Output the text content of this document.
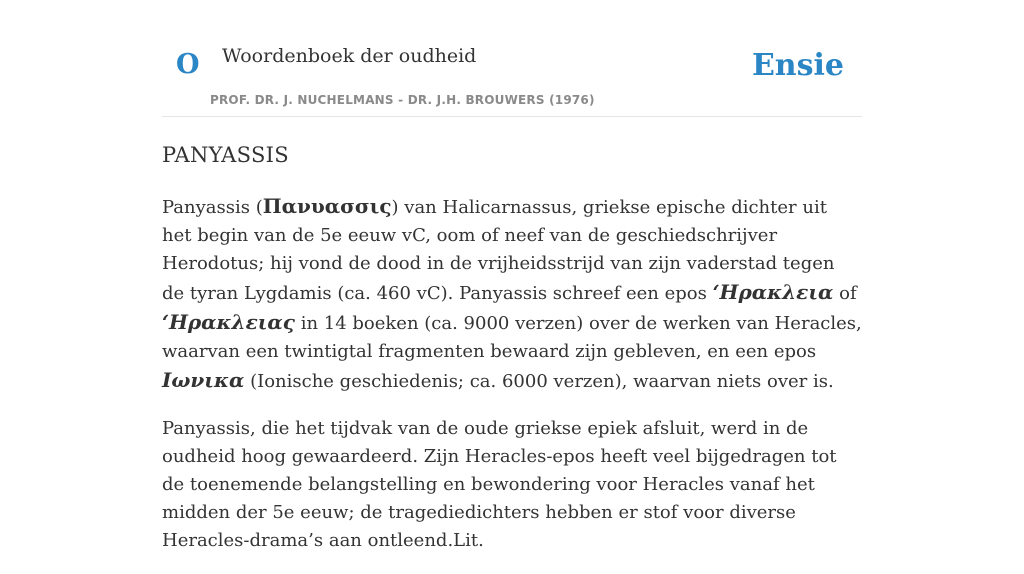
O Woordenboek der oudheid
PROF. DR. J. NUCHELMANS - DR. J.H. BROUWERS (1976)
Ensie
PANYASSIS

Panyassis (Πανυασσις) van Halicarnassus, griekse epische dichter uit het begin van de 5e eeuw vC, oom of neef van de geschiedschrijver Herodotus; hij vond de dood in de vrijheidsstrijd van zijn vaderstad tegen de tyran Lygdamis (ca. 460 vC). Panyassis schreef een epos ‘Ηρακλεια of ‘Ηρακλειας in 14 boeken (ca. 9000 verzen) over de werken van Heracles, waarvan een twintigtal fragmenten bewaard zijn gebleven, en een epos Ιωνικα (Ionische geschiedenis; ca. 6000 verzen), waarvan niets over is.

Panyassis, die het tijdvak van de oude griekse epiek afsluit, werd in de oudheid hoog gewaardeerd. Zijn Heracles-epos heeft veel bijgedragen tot de toenemende belangstelling en bewondering voor Heracles vanaf het midden der 5e eeuw; de tragediedichters hebben er stof voor diverse Heracles-drama’s aan ontleend.Lit.
